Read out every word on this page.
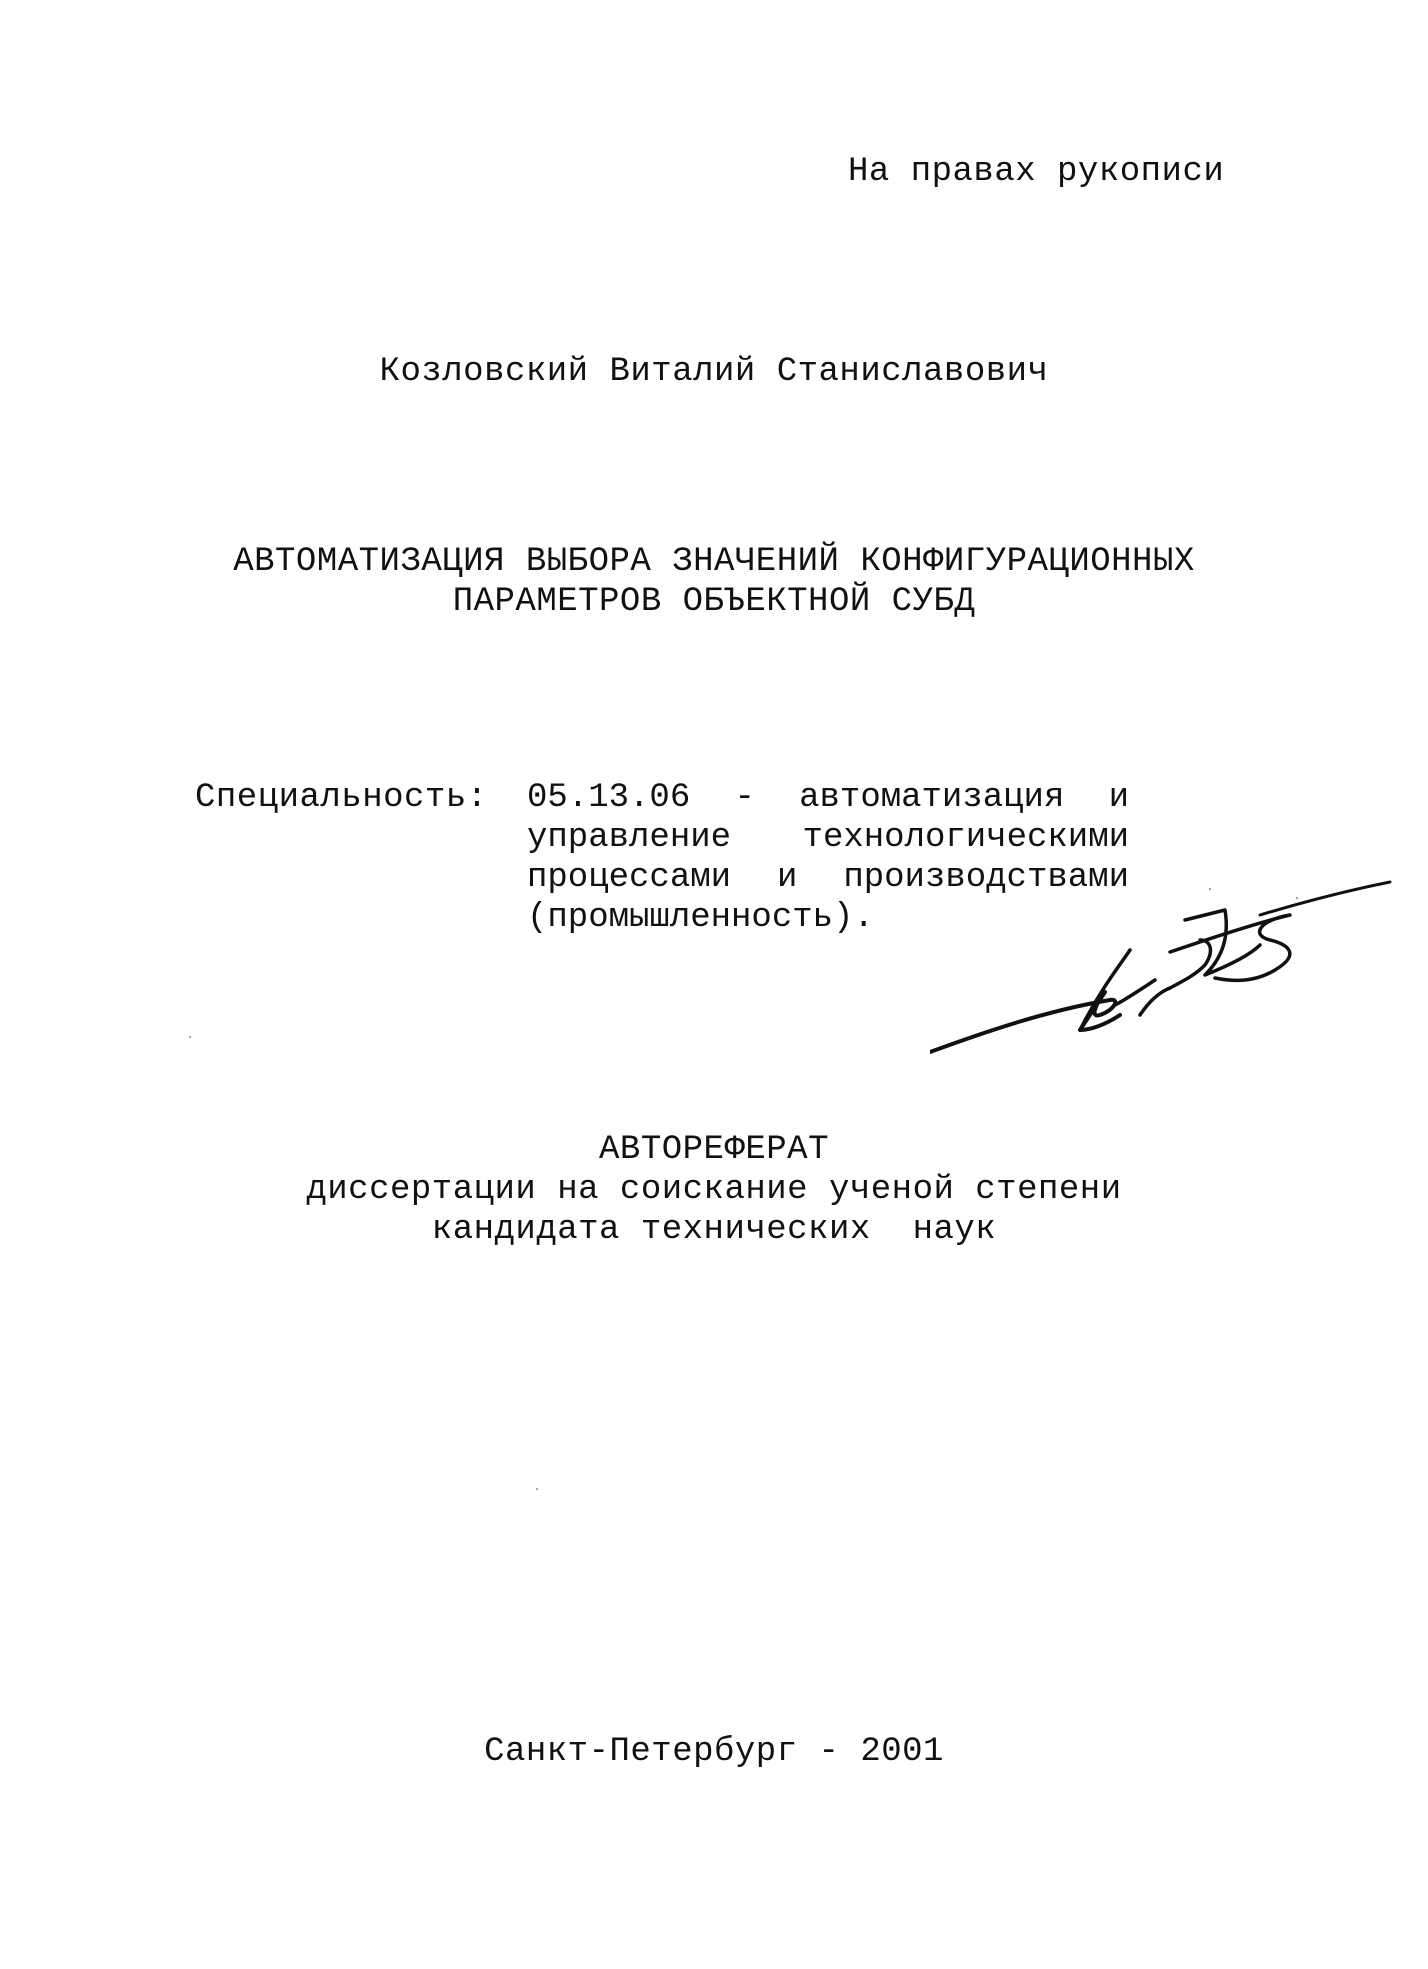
На правах рукописи
Козловский Виталий Станиславович
АВТОМАТИЗАЦИЯ ВЫБОРА ЗНАЧЕНИЙ КОНФИГУРАЦИОННЫХ
ПАРАМЕТРОВ ОБЪЕКТНОЙ СУБД
Специальность: 05.13.06 - автоматизация и
управление технологическими
процессами и производствами
(промышленность).
АВТОРЕФЕРАТ
диссертации на соискание ученой степени
кандидата технических  наук
Санкт-Петербург - 2001
